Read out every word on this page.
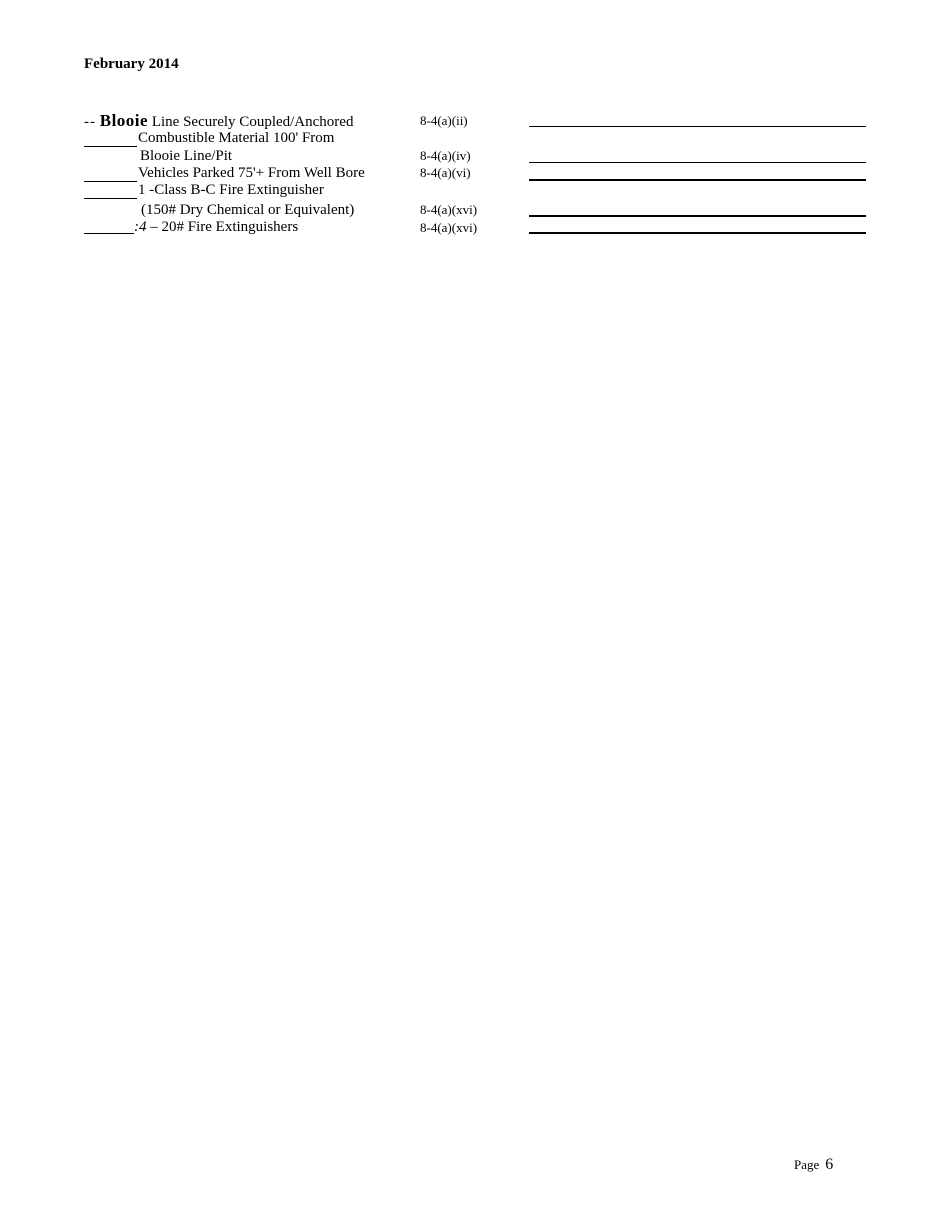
February 2014
-- Blooie Line Securely Coupled/Anchored	8-4(a)(ii)
Combustible Material 100' From
Blooie Line/Pit	8-4(a)(iv)
Vehicles Parked 75'+ From Well Bore	8-4(a)(vi)
1 -Class B-C Fire Extinguisher
(150# Dry Chemical or Equivalent)	8-4(a)(xvi)
:4 – 20# Fire Extinguishers	8-4(a)(xvi)
Page 6
